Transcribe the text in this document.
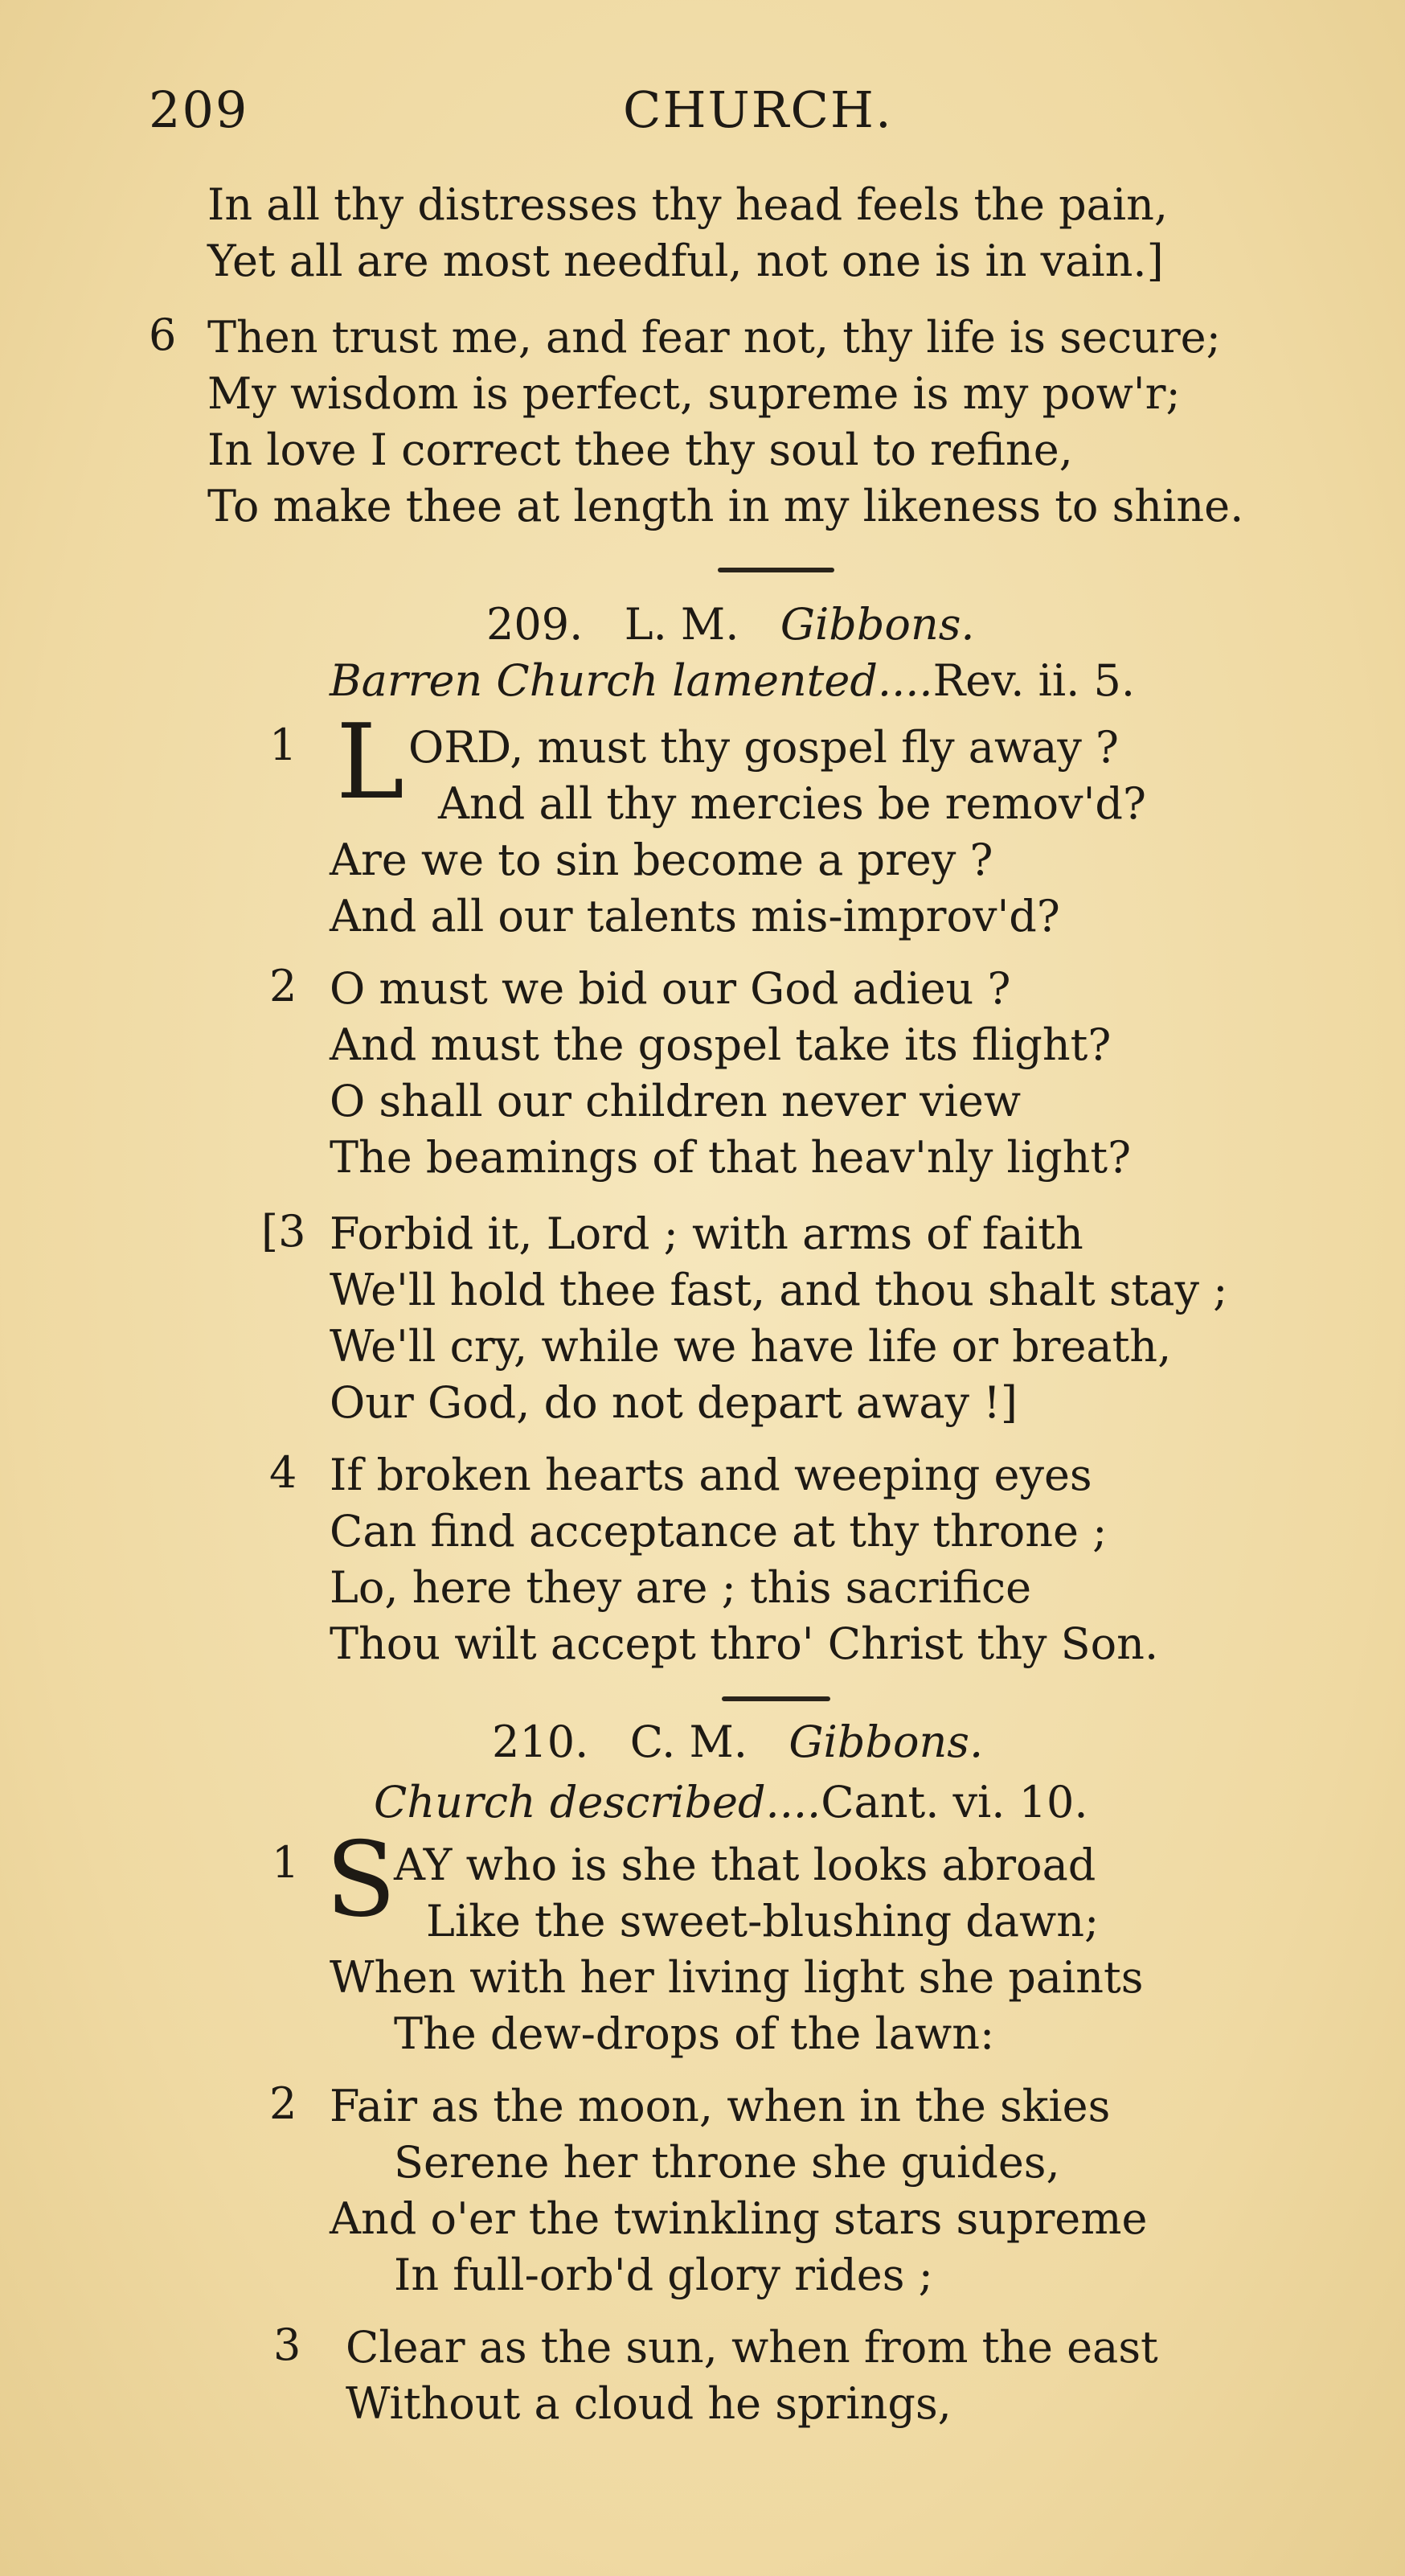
209	CHURCH.
In all thy distresses thy head feels the pain,
Yet all are most needful, not one is in vain.]
6 Then trust me, and fear not, thy life is secure;
My wisdom is perfect, supreme is my pow'r;
In love I correct thee thy soul to refine,
To make thee at length in my likeness to shine.
209. L. M. Gibbons.
Barren Church lamented....Rev. ii. 5.
1 L ORD, must thy gospel fly away ?
And all thy mercies be remov'd?
Are we to sin become a prey ?
And all our talents mis-improv'd?
2 O must we bid our God adieu ?
And must the gospel take its flight?
O shall our children never view
The beamings of that heav'nly light?
[3 Forbid it, Lord ; with arms of faith
We'll hold thee fast, and thou shalt stay ;
We'll cry, while we have life or breath,
Our God, do not depart away !]
4 If broken hearts and weeping eyes
Can find acceptance at thy throne ;
Lo, here they are ; this sacrifice
Thou wilt accept thro' Christ thy Son.
210. C. M. Gibbons.
Church described....Cant. vi. 10.
1 S
AY who is she that looks abroad
Like the sweet-blushing dawn;
When with her living light she paints
The dew-drops of the lawn:
2 Fair as the moon, when in the skies
Serene her throne she guides,
And o'er the twinkling stars supreme
In full-orb'd glory rides ;
3 Clear as the sun, when from the east
Without a cloud he springs,
